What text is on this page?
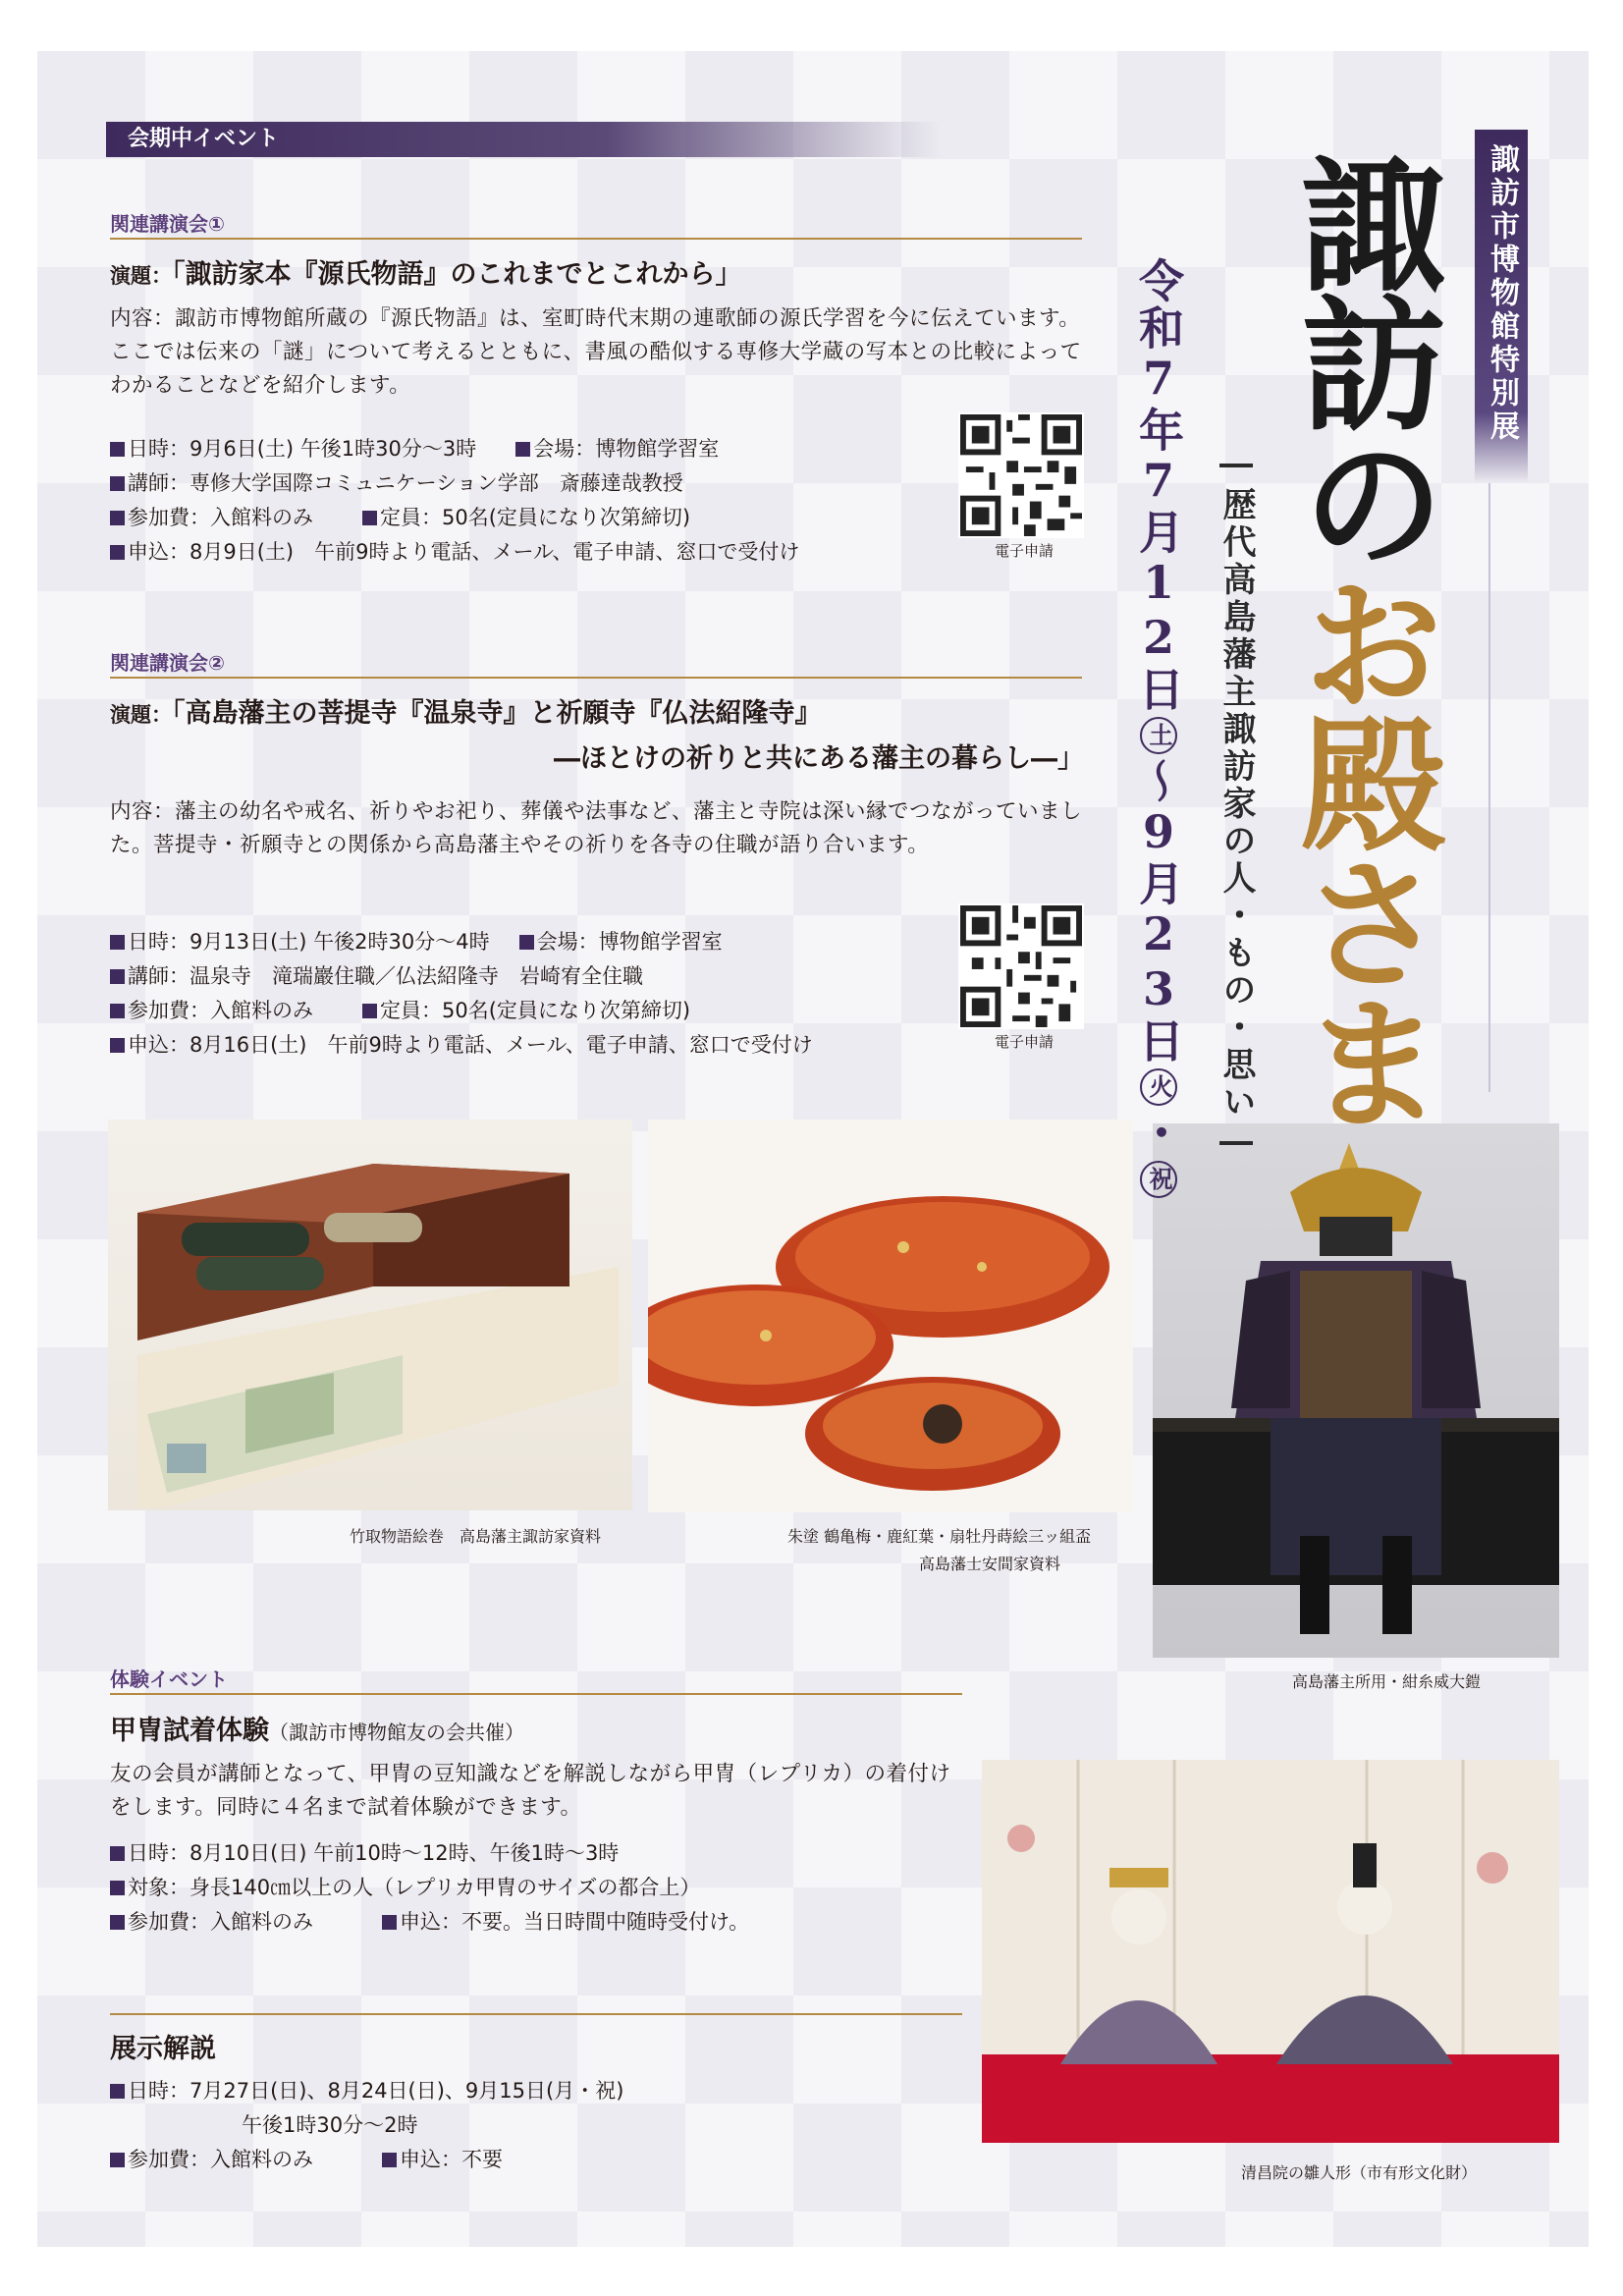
会期中イベント
関連講演会①
演題：「諏訪家本『源氏物語』のこれまでとこれから」
内容：諏訪市博物館所蔵の『源氏物語』は、室町時代末期の連歌師の源氏学習を今に伝えています。ここでは伝来の「謎」について考えるとともに、書風の酷似する専修大学蔵の写本との比較によってわかることなどを紹介します。
日時：9月6日(土) 午後1時30分～3時	会場：博物館学習室
講師：専修大学国際コミュニケーション学部　斎藤達哉教授
参加費：入館料のみ	定員：50名(定員になり次第締切)
申込：8月9日(土)　午前9時より電話、メール、電子申請、窓口で受付け	電子申請
関連講演会②
演題：「高島藩主の菩提寺『温泉寺』と祈願寺『仏法紹隆寺』
―ほとけの祈りと共にある藩主の暮らし―」
内容：藩主の幼名や戒名、祈りやお祀り、葬儀や法事など、藩主と寺院は深い縁でつながっていました。菩提寺・祈願寺との関係から高島藩主やその祈りを各寺の住職が語り合います。
日時：9月13日(土) 午後2時30分～4時 会場：博物館学習室
講師：温泉寺　滝瑞巖住職／仏法紹隆寺　岩崎宥全住職
参加費：入館料のみ	定員：50名(定員になり次第締切)
申込：8月16日(土)　午前9時より電話、メール、電子申請、窓口で受付け	電子申請
竹取物語絵巻　高島藩主諏訪家資料	朱塗 鶴亀梅・鹿紅葉・扇牡丹蒔絵三ッ組盃
高島藩士安間家資料
高島藩主所用・紺糸威大鎧
体験イベント
甲冑試着体験（諏訪市博物館友の会共催）
友の会員が講師となって、甲冑の豆知識などを解説しながら甲冑（レプリカ）の着付けをします。同時に４名まで試着体験ができます。
日時：8月10日(日) 午前10時～12時、午後1時～3時
対象：身長140㎝以上の人（レプリカ甲冑のサイズの都合上）
参加費：入館料のみ	申込：不要。当日時間中随時受付け。
展示解説
日時：7月27日(日)、8月24日(日)、9月15日(月・祝)
午後1時30分～2時
参加費：入館料のみ	申込：不要
清昌院の雛人形（市有形文化財）
諏訪市博物館特別展
諏訪の
お殿さま
―歴代高島藩主諏訪家の人・もの・思い―
令和7年7月12日土～9月23日火・祝
